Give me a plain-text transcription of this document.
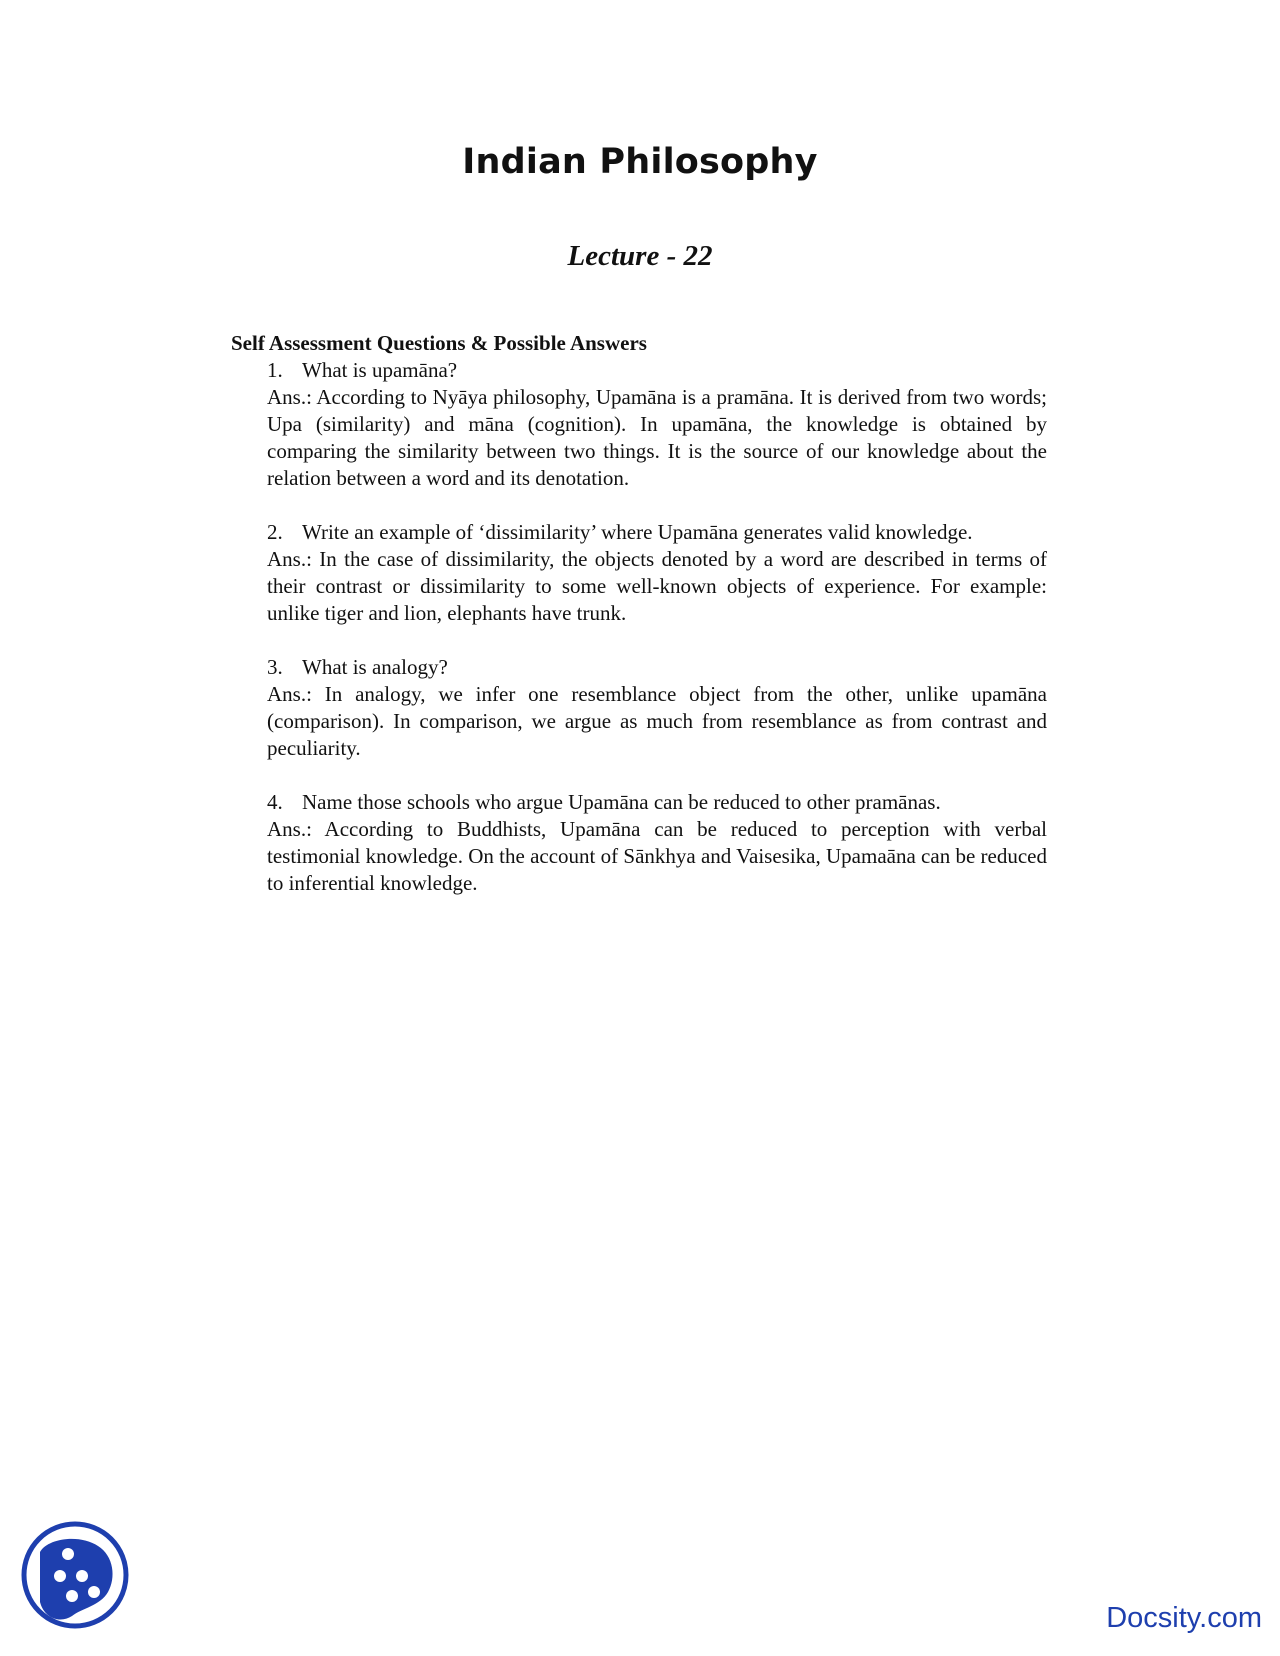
Indian Philosophy
Lecture - 22

Self Assessment Questions & Possible Answers

1. What is upamāna?

Ans.: According to Nyāya philosophy, Upamāna is a pramāna. It is derived from two words; Upa (similarity) and māna (cognition). In upamāna, the knowledge is obtained by comparing the similarity between two things. It is the source of our knowledge about the relation between a word and its denotation.

2. Write an example of ‘dissimilarity’ where Upamāna generates valid knowledge.

Ans.: In the case of dissimilarity, the objects denoted by a word are described in terms of their contrast or dissimilarity to some well-known objects of experience. For example: unlike tiger and lion, elephants have trunk.

3. What is analogy?

Ans.: In analogy, we infer one resemblance object from the other, unlike upamāna (comparison). In comparison, we argue as much from resemblance as from contrast and peculiarity.

4. Name those schools who argue Upamāna can be reduced to other pramānas.

Ans.: According to Buddhists, Upamāna can be reduced to perception with verbal testimonial knowledge. On the account of Sānkhya and Vaisesika, Upamaāna can be reduced to inferential knowledge.

Docsity.com
